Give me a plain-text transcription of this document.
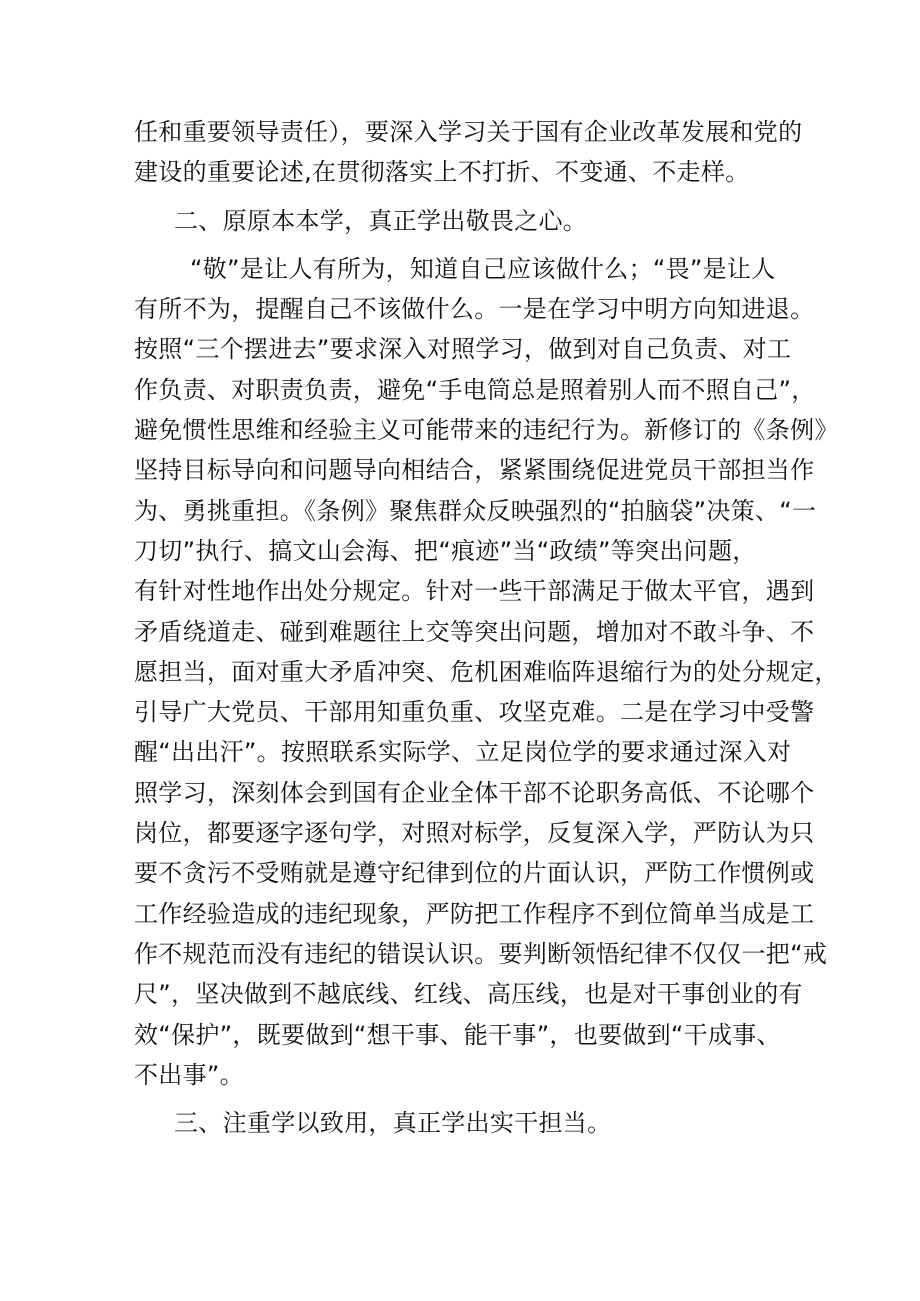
任和重要领导责任），要深入学习关于国有企业改革发展和党的
建设的重要论述,在贯彻落实上不打折、不变通、不走样。
二、原原本本学，真正学出敬畏之心。
“敬”是让人有所为，知道自己应该做什么；“畏”是让人
有所不为，提醒自己不该做什么。一是在学习中明方向知进退。
按照“三个摆进去”要求深入对照学习，做到对自己负责、对工
作负责、对职责负责，避免“手电筒总是照着别人而不照自己”，
避免惯性思维和经验主义可能带来的违纪行为。新修订的《条例》
坚持目标导向和问题导向相结合，紧紧围绕促进党员干部担当作
为、勇挑重担。《条例》聚焦群众反映强烈的“拍脑袋”决策、“一
刀切”执行、搞文山会海、把“痕迹”当“政绩”等突出问题，
有针对性地作出处分规定。针对一些干部满足于做太平官，遇到
矛盾绕道走、碰到难题往上交等突出问题，增加对不敢斗争、不
愿担当，面对重大矛盾冲突、危机困难临阵退缩行为的处分规定，
引导广大党员、干部用知重负重、攻坚克难。二是在学习中受警
醒“出出汗”。按照联系实际学、立足岗位学的要求通过深入对
照学习，深刻体会到国有企业全体干部不论职务高低、不论哪个
岗位，都要逐字逐句学，对照对标学，反复深入学，严防认为只
要不贪污不受贿就是遵守纪律到位的片面认识，严防工作惯例或
工作经验造成的违纪现象，严防把工作程序不到位简单当成是工
作不规范而没有违纪的错误认识。要判断领悟纪律不仅仅一把“戒
尺”，坚决做到不越底线、红线、高压线，也是对干事创业的有
效“保护”，既要做到“想干事、能干事”，也要做到“干成事、
不出事”。
三、注重学以致用，真正学出实干担当。
